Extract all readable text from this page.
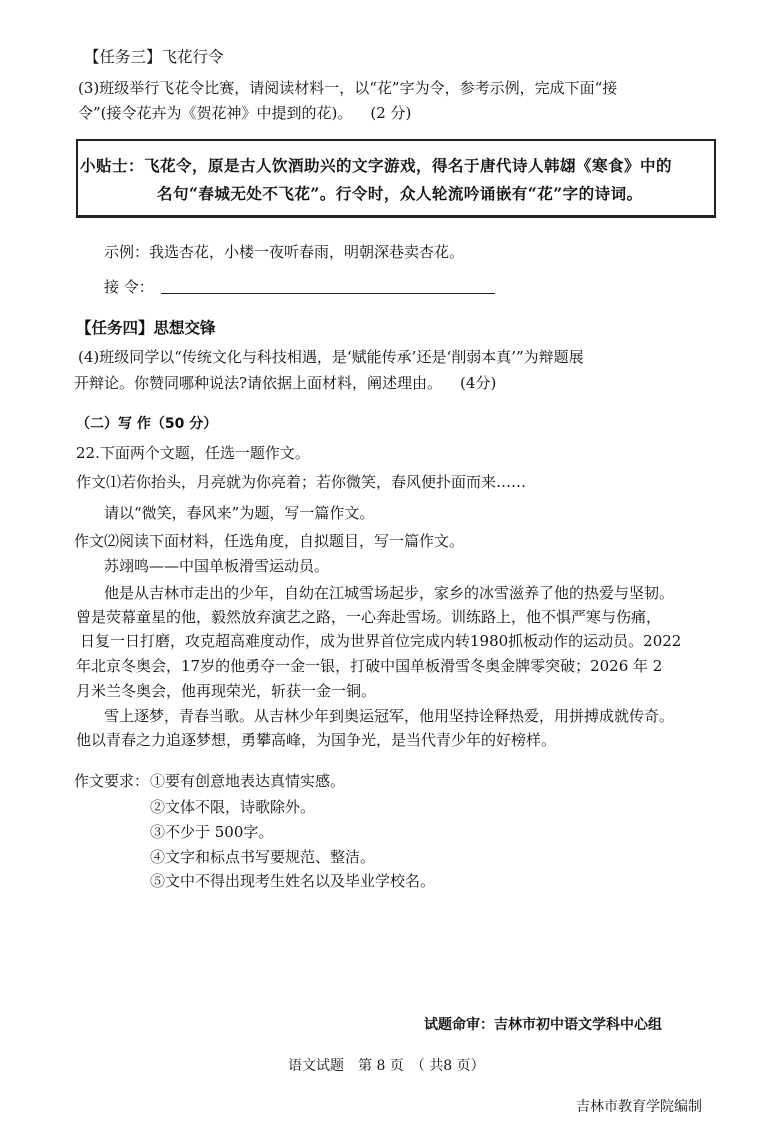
【任务三】飞花行令
(3)班级举行飞花令比赛，请阅读材料一，以“花”字为令，参考示例，完成下面“接
令”(接令花卉为《贺花神》中提到的花)。 (2 分)
小贴士：飞花令，原是古人饮酒助兴的文字游戏，得名于唐代诗人韩翃《寒食》中的
名句“春城无处不飞花”。行令时，众人轮流吟诵嵌有“花”字的诗词。
示例：我选杏花，小楼一夜听春雨，明朝深巷卖杏花。
接 令：
【任务四】思想交锋
(4)班级同学以“传统文化与科技相遇，是‘赋能传承’还是‘削弱本真’”为辩题展
开辩论。你赞同哪种说法?请依据上面材料，阐述理由。 (4分)
（二）写 作（50 分）
22.下面两个文题，任选一题作文。
作文⑴若你抬头，月亮就为你亮着；若你微笑，春风便扑面而来……
请以“微笑，春风来”为题，写一篇作文。
作文⑵阅读下面材料，任选角度，自拟题目，写一篇作文。
苏翊鸣——中国单板滑雪运动员。
他是从吉林市走出的少年，自幼在江城雪场起步，家乡的冰雪滋养了他的热爱与坚韧。
曾是荧幕童星的他，毅然放弃演艺之路，一心奔赴雪场。训练路上，他不惧严寒与伤痛，
日复一日打磨，攻克超高难度动作，成为世界首位完成内转1980抓板动作的运动员。2022
年北京冬奥会，17岁的他勇夺一金一银，打破中国单板滑雪冬奥金牌零突破；2026 年 2
月米兰冬奥会，他再现荣光，斩获一金一铜。
雪上逐梦，青春当歌。从吉林少年到奥运冠军，他用坚持诠释热爱，用拼搏成就传奇。
他以青春之力追逐梦想，勇攀高峰，为国争光，是当代青少年的好榜样。
作文要求： ①要有创意地表达真情实感。
②文体不限，诗歌除外。
③不少于 500字。
④文字和标点书写要规范、整洁。
⑤文中不得出现考生姓名以及毕业学校名。
试题命审：吉林市初中语文学科中心组
语文试题　第 8 页　（ 共8 页）
吉林市教育学院编制
